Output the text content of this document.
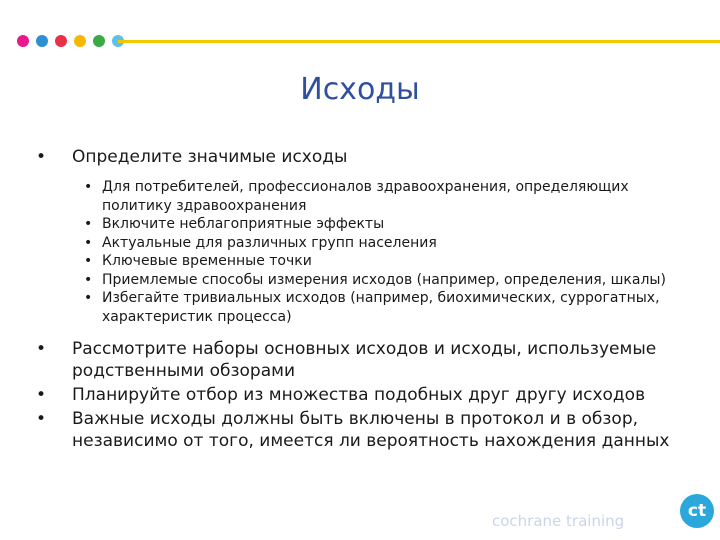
Исходы
• Определите значимые исходы
• Для потребителей, профессионалов здравоохранения, определяющих политику здравоохранения
• Включите неблагоприятные эффекты
• Актуальные для различных групп населения
• Ключевые временные точки
• Приемлемые способы измерения исходов (например, определения, шкалы)
• Избегайте тривиальных исходов (например, биохимических, суррогатных, характеристик процесса)
• Рассмотрите наборы основных исходов и исходы, используемые родственными обзорами
• Планируйте отбор из множества подобных друг другу исходов
• Важные исходы должны быть включены в протокол и в обзор, независимо от того, имеется ли вероятность нахождения данных
cochrane training	ct
